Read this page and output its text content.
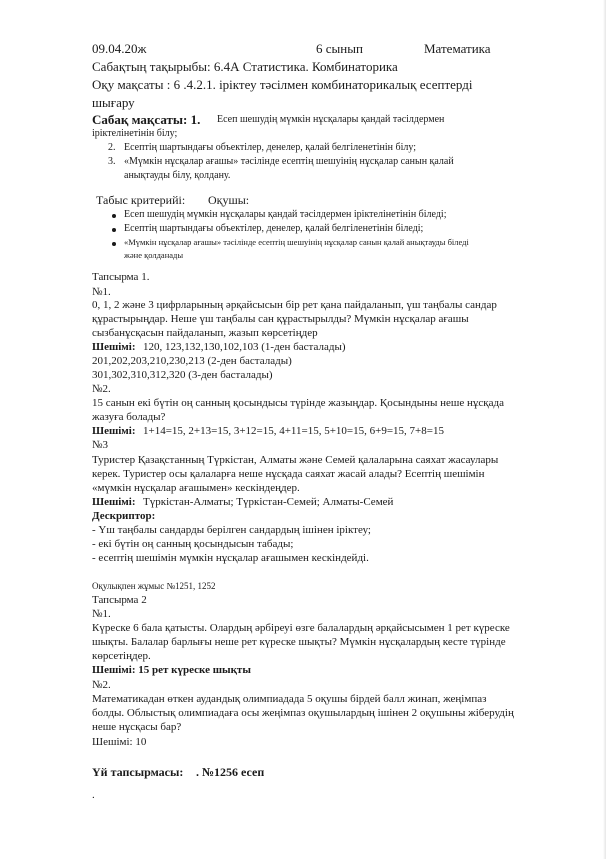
09.04.20ж	6 сынып	Математика
Сабақтың тақырыбы: 6.4А Статистика. Комбинаторика
Оқу мақсаты : 6 .4.2.1. іріктеу тәсілмен комбинаторикалық есептерді
шығару
Сабақ мақсаты: 1. Есеп шешудің мүмкін нұсқалары қандай тәсілдермен
іріктелінетінін білу;
2. Есептің шартындағы объектілер, денелер, қалай белгіленетінін білу;
3. «Мүмкін нұсқалар ағашы» тәсілінде есептің шешуінің нұсқалар санын қалай
анықтауды білу, қолдану.
Табыс критерийі: Оқушы:
Есеп шешудің мүмкін нұсқалары қандай тәсілдермен іріктелінетінін біледі;
Есептің шартындағы объектілер, денелер, қалай белгіленетінін біледі;
«Мүмкін нұсқалар ағашы» тәсілінде есептің шешуінің нұсқалар санын қалай анықтауды біледі
және қолданады
Тапсырма 1.
№1.
0, 1, 2 және 3 цифрларының әрқайсысын бір рет қана пайдаланып, үш таңбалы сандар
құрастырыңдар. Неше үш таңбалы сан құрастырылды? Мүмкін нұсқалар ағашы
сызбанұсқасын пайдаланып, жазып көрсетіңдер
Шешімі: 120, 123,132,130,102,103 (1-ден басталады)
201,202,203,210,230,213 (2-ден басталады)
301,302,310,312,320 (3-ден басталады)
№2.
15 санын екі бүтін оң санның қосындысы түрінде жазыңдар. Қосындыны неше нұсқада
жазуға болады?
Шешімі: 1+14=15, 2+13=15, 3+12=15, 4+11=15, 5+10=15, 6+9=15, 7+8=15
№3
Туристер Қазақстанның Түркістан, Алматы және Семей қалаларына саяхат жасаулары
керек. Туристер осы қалаларға неше нұсқада саяхат жасай алады? Есептің шешімін
«мүмкін нұсқалар ағашымен» кескіндеңдер.
Шешімі: Түркістан-Алматы; Түркістан-Семей; Алматы-Семей
Дескриптор:
- Үш таңбалы сандарды берілген сандардың ішінен іріктеу;
- екі бүтін оң санның қосындысын табады;
- есептің шешімін мүмкін нұсқалар ағашымен кескіндейді.
Оқулықпен жұмыс №1251, 1252
Тапсырма 2
№1.
Күреске 6 бала қатысты. Олардың әрбіреуі өзге балалардың әрқайсысымен 1 рет күреске
шықты. Балалар барлығы неше рет күреске шықты? Мүмкін нұсқалардың кесте түрінде
көрсетіңдер.
Шешімі: 15 рет күреске шықты
№2.
Математикадан өткен аудандық олимпиадада 5 оқушы бірдей балл жинап, жеңімпаз
болды. Облыстық олимпиадаға осы жеңімпаз оқушылардың ішінен 2 оқушыны жіберудің
неше нұсқасы бар?
Шешімі: 10
Үй тапсырмасы: . №1256 есеп
.
